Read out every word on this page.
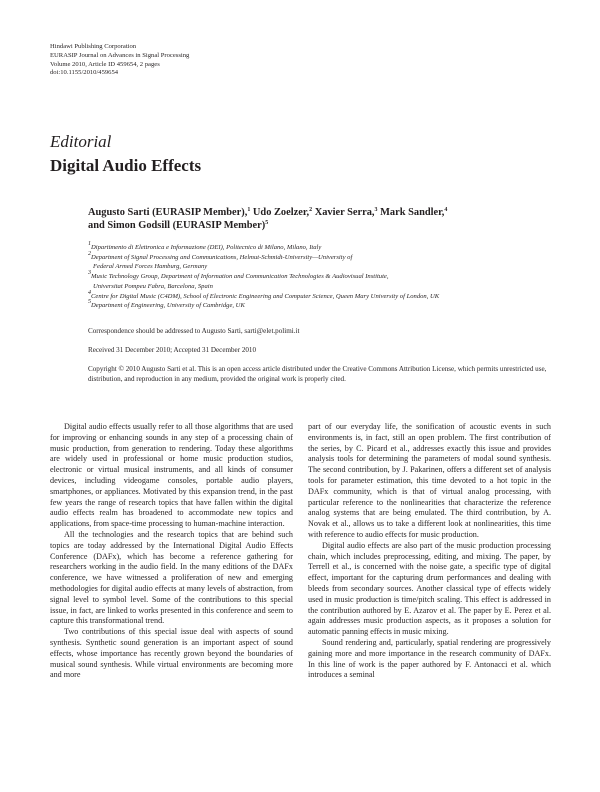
Hindawi Publishing Corporation
EURASIP Journal on Advances in Signal Processing
Volume 2010, Article ID 459654, 2 pages
doi:10.1155/2010/459654
Editorial
Digital Audio Effects
Augusto Sarti (EURASIP Member),$^1$ Udo Zoelzer,$^2$ Xavier Serra,$^3$ Mark Sandler,$^4$
and Simon Godsill (EURASIP Member)$^5$
$^1$Dipartimento di Elettronica e Informazione (DEI), Politecnico di Milano, Milano, Italy
$^2$Department of Signal Processing and Communications, Helmut-Schmidt-University—University of
Federal Armed Forces Hamburg, Germany
$^3$Music Technology Group, Department of Information and Communication Technologies & Audiovisual Institute,
Universitat Pompeu Fabra, Barcelona, Spain
$^4$Centre for Digital Music (C4DM), School of Electronic Engineering and Computer Science, Queen Mary University of London, UK
$^5$Department of Engineering, University of Cambridge, UK
Correspondence should be addressed to Augusto Sarti, sarti@elet.polimi.it
Received 31 December 2010; Accepted 31 December 2010
Copyright © 2010 Augusto Sarti et al. This is an open access article distributed under the Creative Commons Attribution License, which permits unrestricted use, distribution, and reproduction in any medium, provided the original work is properly cited.

Digital audio effects usually refer to all those algorithms that are used for improving or enhancing sounds in any step of a processing chain of music production, from generation to rendering. Today these algorithms are widely used in professional or home music production studios, electronic or virtual musical instruments, and all kinds of consumer devices, including videogame consoles, portable audio players, smartphones, or appliances. Motivated by this expansion trend, in the past few years the range of research topics that have fallen within the digital audio effects realm has broadened to accommodate new topics and applications, from space-time processing to human-machine interaction.

All the technologies and the research topics that are behind such topics are today addressed by the International Digital Audio Effects Conference (DAFx), which has become a reference gathering for researchers working in the audio field. In the many editions of the DAFx conference, we have witnessed a proliferation of new and emerging methodologies for digital audio effects at many levels of abstraction, from signal level to symbol level. Some of the contributions to this special issue, in fact, are linked to works presented in this conference and seem to capture this transformational trend.

Two contributions of this special issue deal with aspects of sound synthesis. Synthetic sound generation is an important aspect of sound effects, whose importance has recently grown beyond the boundaries of musical sound synthesis. While virtual environments are becoming more and more

part of our everyday life, the sonification of acoustic events in such environments is, in fact, still an open problem. The first contribution of the series, by C. Picard et al., addresses exactly this issue and provides analysis tools for determining the parameters of modal sound synthesis. The second contribution, by J. Pakarinen, offers a different set of analysis tools for parameter estimation, this time devoted to a hot topic in the DAFx community, which is that of virtual analog processing, with particular reference to the nonlinearities that characterize the reference analog systems that are being emulated. The third contribution, by A. Novak et al., allows us to take a different look at nonlinearities, this time with reference to audio effects for music production.

Digital audio effects are also part of the music production processing chain, which includes preprocessing, editing, and mixing. The paper, by Terrell et al., is concerned with the noise gate, a specific type of digital effect, important for the capturing drum performances and dealing with bleeds from secondary sources. Another classical type of effects widely used in music production is time/pitch scaling. This effect is addressed in the contribution authored by E. Azarov et al. The paper by E. Perez et al. again addresses music production aspects, as it proposes a solution for automatic panning effects in music mixing.

Sound rendering and, particularly, spatial rendering are progressively gaining more and more importance in the research community of DAFx. In this line of work is the paper authored by F. Antonacci et al. which introduces a seminal
